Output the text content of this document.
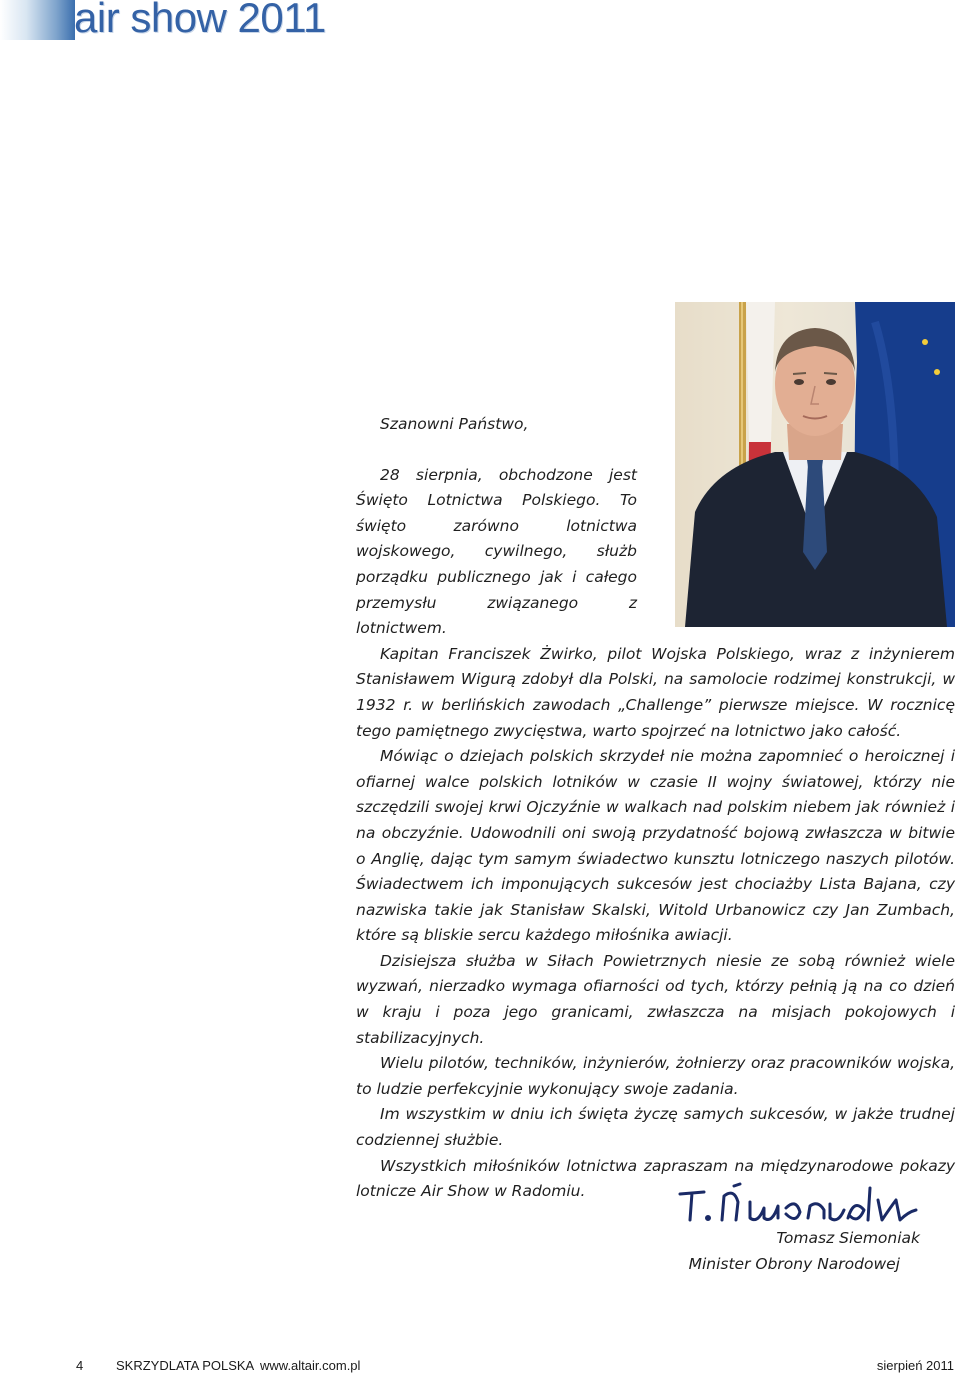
air show 2011

Szanowni Państwo,

28 sierpnia, obchodzone jest Święto Lotnictwa Polskiego. To święto zarówno lotnictwa wojskowego, cywilnego, służb porządku publicznego jak i całego przemysłu związanego z lotnictwem.

Kapitan Franciszek Żwirko, pilot Wojska Polskiego, wraz z inżynierem Stanisławem Wigurą zdobył dla Polski, na samolocie rodzimej konstrukcji, w 1932 r. w berlińskich zawodach „Challenge” pierwsze miejsce. W rocznicę tego pamiętnego zwycięstwa, warto spojrzeć na lotnictwo jako całość.

Mówiąc o dziejach polskich skrzydeł nie można zapomnieć o heroicznej i ofiarnej walce polskich lotników w czasie II wojny światowej, którzy nie szczędzili swojej krwi Ojczyźnie w walkach nad polskim niebem jak również i na obczyźnie. Udowodnili oni swoją przydatność bojową zwłaszcza w bitwie o Anglię, dając tym samym świadectwo kunsztu lotniczego naszych pilotów. Świadectwem ich imponujących sukcesów jest chociażby Lista Bajana, czy nazwiska takie jak Stanisław Skalski, Witold Urbanowicz czy Jan Zumbach, które są bliskie sercu każdego miłośnika awiacji.

Dzisiejsza służba w Siłach Powietrznych niesie ze sobą również wiele wyzwań, nierzadko wymaga ofiarności od tych, którzy pełnią ją na co dzień w kraju i poza jego granicami, zwłaszcza na misjach pokojowych i stabilizacyjnych.

Wielu pilotów, techników, inżynierów, żołnierzy oraz pracowników wojska, to ludzie perfekcyjnie wykonujący swoje zadania.

Im wszystkim w dniu ich święta życzę samych sukcesów, w jakże trudnej codziennej służbie.

Wszystkich miłośników lotnictwa zapraszam na międzynarodowe pokazy lotnicze Air Show w Radomiu.

Tomasz Siemoniak
Minister Obrony Narodowej
4	SKRZYDLATA POLSKA www.altair.com.pl	sierpień 2011
